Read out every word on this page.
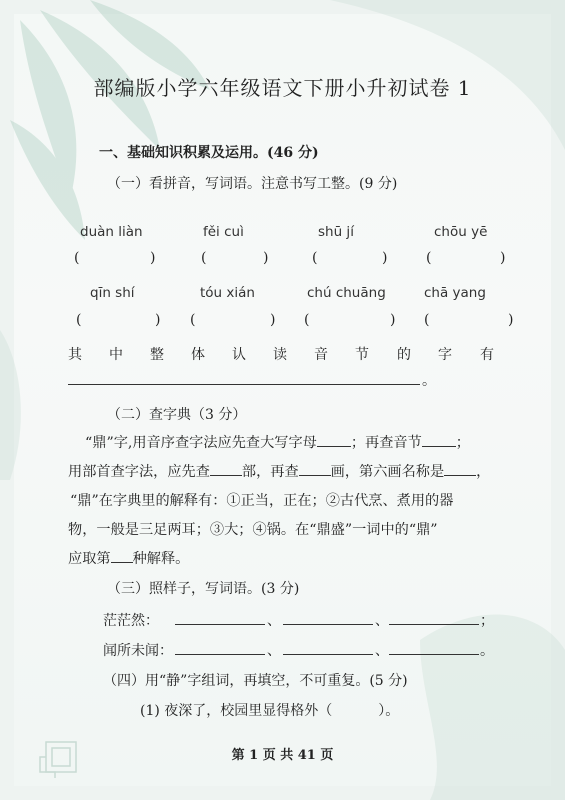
部编版小学六年级语文下册小升初试卷 1
一、基础知识积累及运用。(46 分)
（一）看拼音，写词语。注意书写工整。(9 分)
duàn liàn	fěi cuì	shū jí	chōu yē
(	)	(	)	(	)	(	)
qīn shí	tóu xián	chú chuāng	chā yang
(	) (	) (	) (	)
其 中 整 体 认 读 音 节 的 字 有
。
（二）查字典（3 分）
“鼎”字,用音序查字法应先查大写字母 ；再查音节 ；
用部首查字法，应先查 部，再查 画，第六画名称是 ，
“鼎”在字典里的解释有：①正当，正在；②古代烹、煮用的器
物，一般是三足两耳；③大；④锅。在“鼎盛”一词中的“鼎”
应取第 种解释。
（三）照样子，写词语。(3 分)
茫茫然：	、	、	；
闻所未闻：	、	、	。
（四）用“静”字组词，再填空，不可重复。(5 分)
(1) 夜深了，校园里显得格外（	）。
第 1 页 共 41 页
